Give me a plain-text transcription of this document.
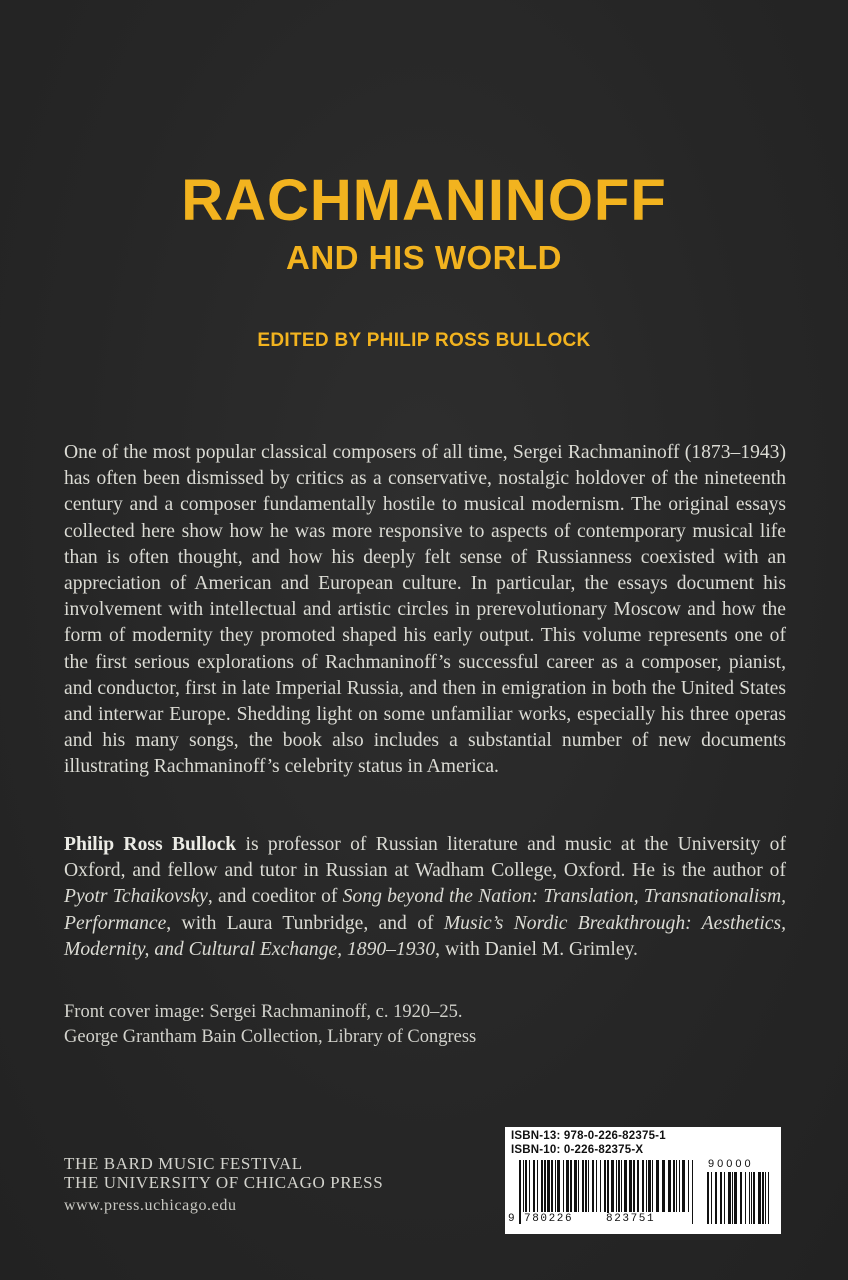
RACHMANINOFF
AND HIS WORLD
EDITED BY PHILIP ROSS BULLOCK

One of the most popular classical composers of all time, Sergei Rachmaninoff (1873–1943) has often been dismissed by critics as a conservative, nostalgic holdover of the nineteenth century and a composer fundamentally hostile to musical modernism. The original essays collected here show how he was more responsive to aspects of contemporary musical life than is often thought, and how his deeply felt sense of Russianness coexisted with an appreciation of American and European culture. In particular, the essays document his involvement with intellectual and artistic circles in prerevolutionary Moscow and how the form of modernity they promoted shaped his early output. This volume represents one of the first serious explorations of Rachmaninoff’s successful career as a composer, pianist, and conductor, first in late Imperial Russia, and then in emigration in both the United States and interwar Europe. Shedding light on some unfamiliar works, especially his three operas and his many songs, the book also includes a substantial number of new documents illustrating Rachmaninoff’s celebrity status in America.

Philip Ross Bullock is professor of Russian literature and music at the University of Oxford, and fellow and tutor in Russian at Wadham College, Oxford. He is the author of Pyotr Tchaikovsky, and coeditor of Song beyond the Nation: Translation, Transnationalism, Performance, with Laura Tunbridge, and of Music’s Nordic Breakthrough: Aesthetics, Modernity, and Cultural Exchange, 1890–1930, with Daniel M. Grimley.

Front cover image: Sergei Rachmaninoff, c. 1920–25.
George Grantham Bain Collection, Library of Congress
THE BARD MUSIC FESTIVAL
THE UNIVERSITY OF CHICAGO PRESS
www.press.uchicago.edu
ISBN-13: 978-0-226-82375-1
ISBN-10: 0-226-82375-X
90000
9 780226	823751
